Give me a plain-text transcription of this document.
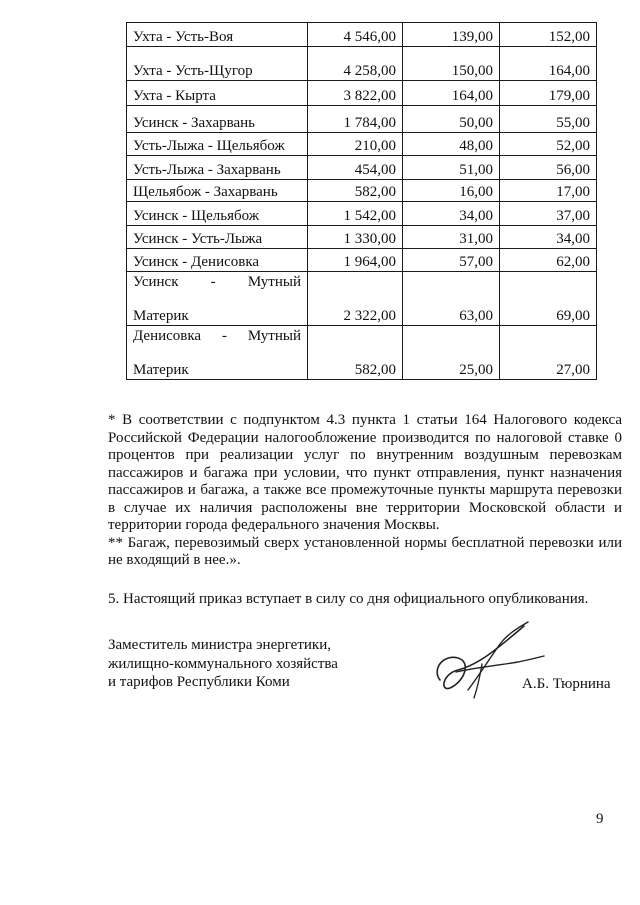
Ухта - Усть-Воя	4 546,00	139,00	152,00
Ухта - Усть-Щугор	4 258,00	150,00	164,00
Ухта - Кырта	3 822,00	164,00	179,00
Усинск - Захарвань	1 784,00	50,00	55,00
Усть-Лыжа - Щельябож	210,00	48,00	52,00
Усть-Лыжа - Захарвань	454,00	51,00	56,00
Щельябож - Захарвань	582,00	16,00	17,00
Усинск - Щельябож	1 542,00	34,00	37,00
Усинск - Усть-Лыжа	1 330,00	31,00	34,00
Усинск - Денисовка	1 964,00	57,00	62,00

Усинск - Мутный
Материк	2 322,00	63,00	69,00

Денисовка - Мутный
Материк	582,00	25,00	27,00

* В соответствии с подпунктом 4.3 пункта 1 статьи 164 Налогового кодекса Российской Федерации налогообложение производится по налоговой ставке 0 процентов при реализации услуг по внутренним воздушным перевозкам пассажиров и багажа при условии, что пункт отправления, пункт назначения пассажиров и багажа, а также все промежуточные пункты маршрута перевозки в случае их наличия расположены вне территории Московской области и территории города федерального значения Москвы.

** Багаж, перевозимый сверх установленной нормы бесплатной перевозки или не входящий в нее.».

5. Настоящий приказ вступает в силу со дня официального опубликования.
Заместитель министра энергетики,
жилищно-коммунального хозяйства
и тарифов Республики Коми	А.Б. Тюрнина
9
